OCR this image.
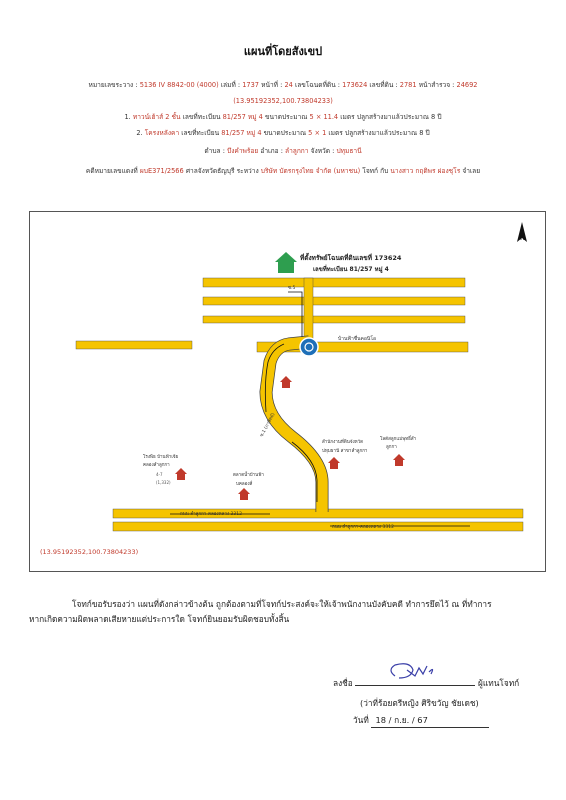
แผนที่โดยสังเขป
หมายเลขระวาง : 5136 IV 8842-00 (4000) เล่มที่ : 1737 หน้าที่ : 24 เลขโฉนดที่ดิน : 173624 เลขที่ดิน : 2781 หน้าสำรวจ : 24692
(13.95192352,100.73804233)
1. ทาวน์เฮ้าส์ 2 ชั้น เลขที่ทะเบียน 81/257 หมู่ 4 ขนาดประมาณ 5 × 11.4 เมตร ปลูกสร้างมาแล้วประมาณ 8 ปี
2. โครงหลังคา เลขที่ทะเบียน 81/257 หมู่ 4 ขนาดประมาณ 5 × 1 เมตร ปลูกสร้างมาแล้วประมาณ 8 ปี
ตำบล : บึงคำพร้อย อำเภอ : ลำลูกกา จังหวัด : ปทุมธานี
คดีหมายเลขแดงที่ ผบE371/2566 ศาลจังหวัดธัญบุรี ระหว่าง บริษัท บัตรกรุงไทย จำกัด (มหาชน) โจทก์ กับ นางสาว กฤติพร ผ่องชุโร จำเลย
ที่ตั้งทรัพย์โฉนดที่ดินเลขที่ 173624
เลขที่ทะเบียน 81/257 หมู่ 4
N
ซ.5
บ้านฟ้าชื่นคอนิโอ
ซ.1 (ภาษิตย์)
โรงพิธ บ้านฟ้าเจีย
คลองลำลูกกา
4-7
(1,332)
ตลาดน้ำบ้านฟ้า
บคลองสี่
สำนักงานที่ดินจังหวัด
ปทุมธานี สาขาลำลูกกา
โลตัสลูกแม่พุทธิ์สำ
ลูกกา
ถนน ลำลูกกา-คลองหลวง 3312
ถนน ลำลูกกา-คลองหลวง 3312
(13.95192352,100.73804233)
โจทก์ขอรับรองว่า แผนที่ดังกล่าวข้างต้น ถูกต้องตามที่โจทก์ประสงค์จะให้เจ้าพนักงานบังคับคดี ทำการยึดไว้ ณ ที่ทำการ
หากเกิดความผิดพลาดเสียหายแต่ประการใด โจทก์ยินยอมรับผิดชอบทั้งสิ้น
ลงชื่อ	ผู้แทนโจทก์
(ว่าที่ร้อยตรีหญิง ศิริขวัญ ชัยเดช)
วันที่ 18 / ก.ย. / 67
